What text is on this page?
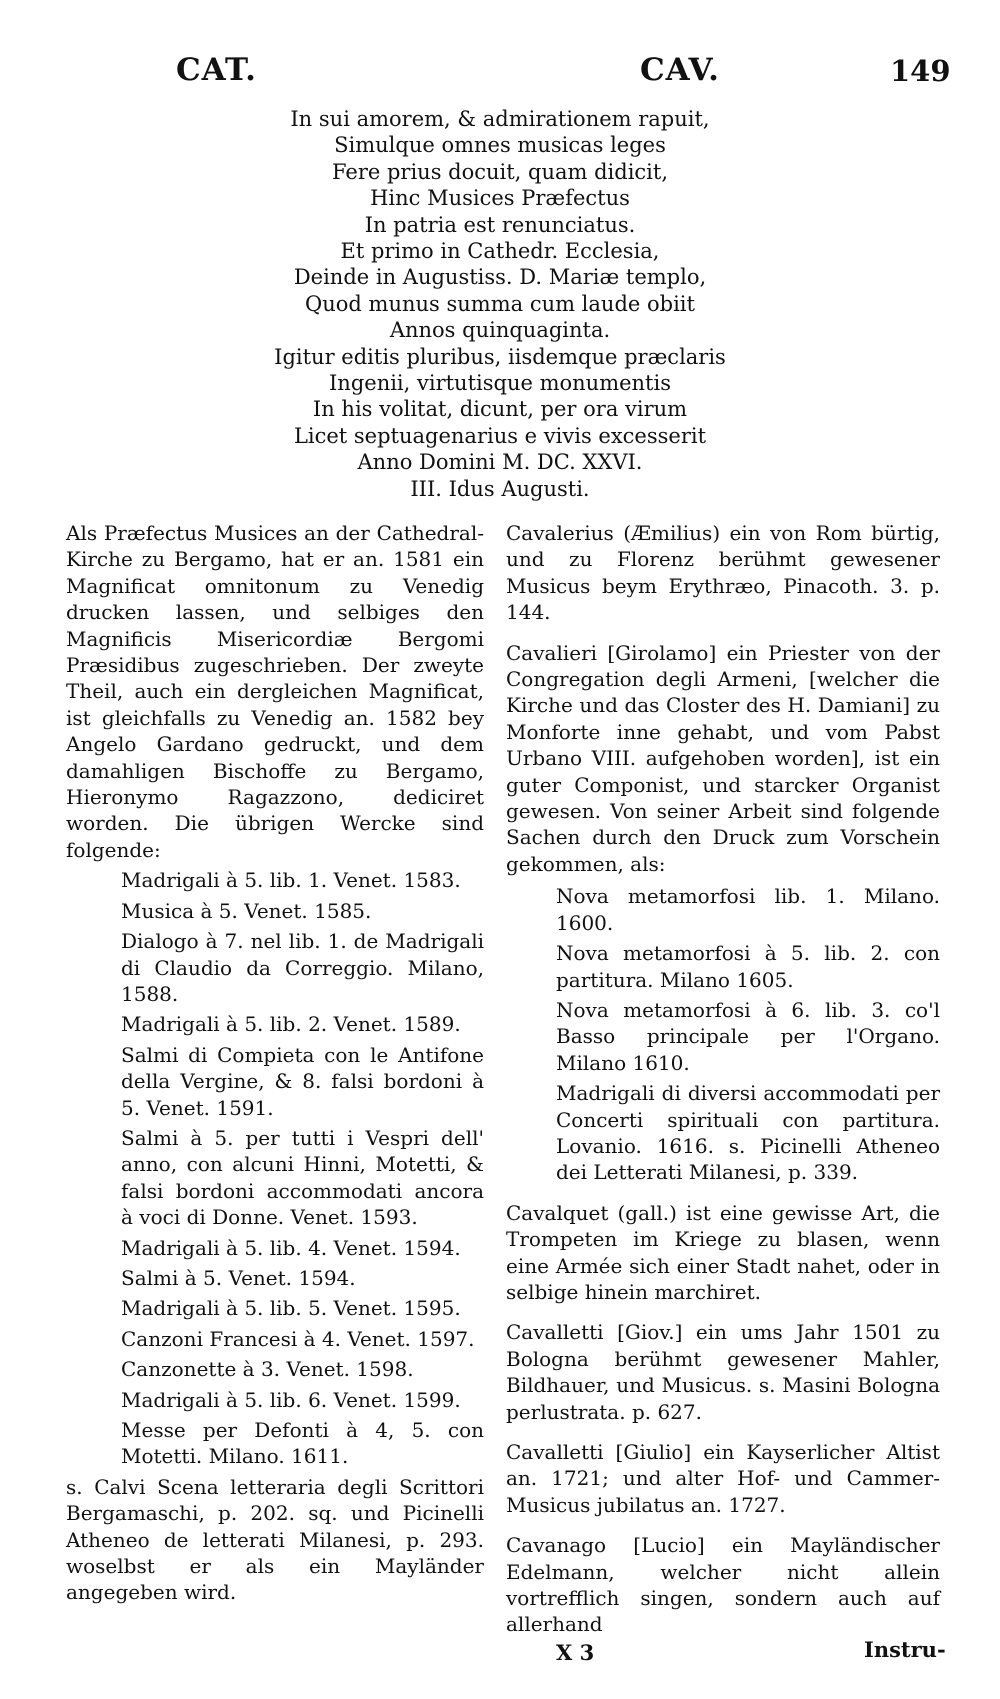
CAT.	CAV.	149
In sui amorem, & admirationem rapuit,
Simulque omnes musicas leges
Fere prius docuit, quam didicit,
Hinc Musices Præfectus
In patria est renunciatus.
Et primo in Cathedr. Ecclesia,
Deinde in Augustiss. D. Mariæ templo,
Quod munus summa cum laude obiit
Annos quinquaginta.
Igitur editis pluribus, iisdemque præclaris
Ingenii, virtutisque monumentis
In his volitat, dicunt, per ora virum
Licet septuagenarius e vivis excesserit
Anno Domini M. DC. XXVI.
III. Idus Augusti.

Als Præfectus Musices an der Cathedral-Kirche zu Bergamo, hat er an. 1581 ein Magnificat omnitonum zu Venedig drucken lassen, und selbiges den Magnificis Misericordiæ Bergomi Præsidibus zugeschrieben. Der zweyte Theil, auch ein dergleichen Magnificat, ist gleichfalls zu Venedig an. 1582 bey Angelo Gardano gedruckt, und dem damahligen Bischoffe zu Bergamo, Hieronymo Ragazzono, dediciret worden. Die übrigen Wercke sind folgende:

Madrigali à 5. lib. 1. Venet. 1583.
Musica à 5. Venet. 1585.
Dialogo à 7. nel lib. 1. de Madrigali di Claudio da Correggio. Milano, 1588.
Madrigali à 5. lib. 2. Venet. 1589.
Salmi di Compieta con le Antifone della Vergine, & 8. falsi bordoni à 5. Venet. 1591.
Salmi à 5. per tutti i Vespri dell' anno, con alcuni Hinni, Motetti, & falsi bordoni accommodati ancora à voci di Donne. Venet. 1593.
Madrigali à 5. lib. 4. Venet. 1594.
Salmi à 5. Venet. 1594.
Madrigali à 5. lib. 5. Venet. 1595.
Canzoni Francesi à 4. Venet. 1597.
Canzonette à 3. Venet. 1598.
Madrigali à 5. lib. 6. Venet. 1599.
Messe per Defonti à 4, 5. con Motetti. Milano. 1611.

s. Calvi Scena letteraria degli Scrittori Bergamaschi, p. 202. sq. und Picinelli Atheneo de letterati Milanesi, p. 293. woselbst er als ein Mayländer angegeben wird.

Cavalerius (Æmilius) ein von Rom bürtig, und zu Florenz berühmt gewesener Musicus beym Erythræo, Pinacoth. 3. p. 144.

Cavalieri [Girolamo] ein Priester von der Congregation degli Armeni, [welcher die Kirche und das Closter des H. Damiani] zu Monforte inne gehabt, und vom Pabst Urbano VIII. aufgehoben worden], ist ein guter Componist, und starcker Organist gewesen. Von seiner Arbeit sind folgende Sachen durch den Druck zum Vorschein gekommen, als:

Nova metamorfosi lib. 1. Milano. 1600.
Nova metamorfosi à 5. lib. 2. con partitura. Milano 1605.
Nova metamorfosi à 6. lib. 3. co'l Basso principale per l'Organo. Milano 1610.
Madrigali di diversi accommodati per Concerti spirituali con partitura. Lovanio. 1616. s. Picinelli Atheneo dei Letterati Milanesi, p. 339.

Cavalquet (gall.) ist eine gewisse Art, die Trompeten im Kriege zu blasen, wenn eine Armée sich einer Stadt nahet, oder in selbige hinein marchiret.

Cavalletti [Giov.] ein ums Jahr 1501 zu Bologna berühmt gewesener Mahler, Bildhauer, und Musicus. s. Masini Bologna perlustrata. p. 627.

Cavalletti [Giulio] ein Kayserlicher Altist an. 1721; und alter Hof- und Cammer-Musicus jubilatus an. 1727.

Cavanago [Lucio] ein Mayländischer Edelmann, welcher nicht allein vortrefflich singen, sondern auch auf allerhand

X 3	Instru-
